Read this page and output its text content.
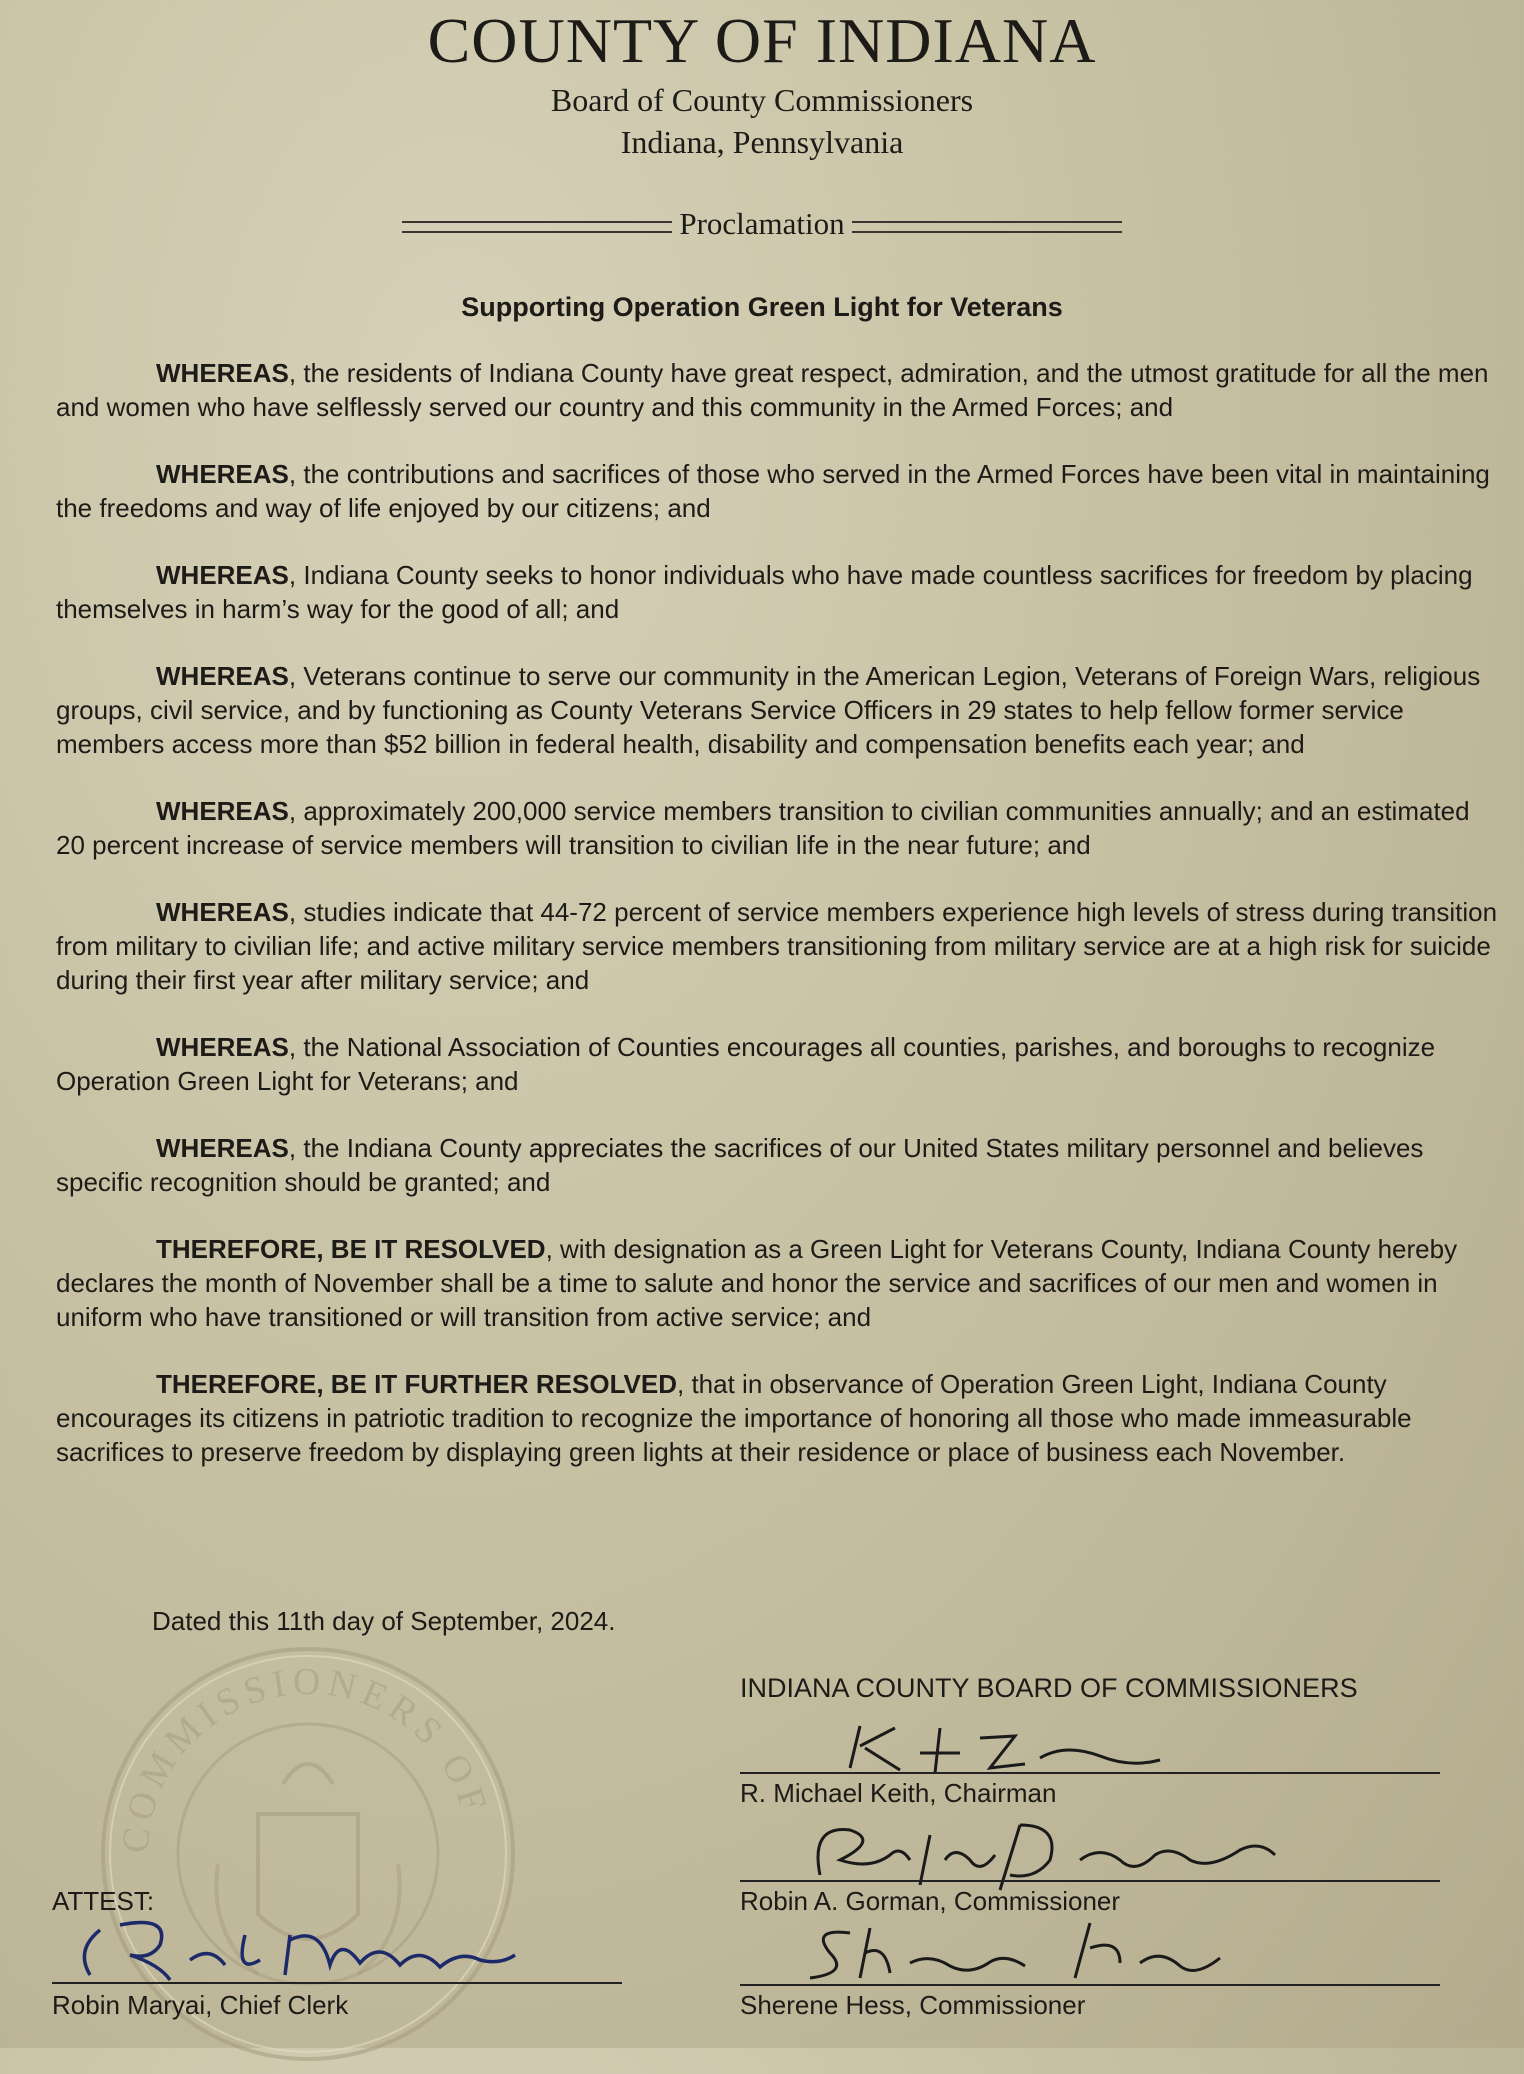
COMMISSIONERS OF
COUNTY OF INDIANA
Board of County Commissioners
Indiana, Pennsylvania
Proclamation
Supporting Operation Green Light for Veterans

WHEREAS, the residents of Indiana County have great respect, admiration, and the utmost gratitude for all the men and women who have selflessly served our country and this community in the Armed Forces; and

WHEREAS, the contributions and sacrifices of those who served in the Armed Forces have been vital in maintaining the freedoms and way of life enjoyed by our citizens; and

WHEREAS, Indiana County seeks to honor individuals who have made countless sacrifices for freedom by placing themselves in harm’s way for the good of all; and

WHEREAS, Veterans continue to serve our community in the American Legion, Veterans of Foreign Wars, religious groups, civil service, and by functioning as County Veterans Service Officers in 29 states to help fellow former service members access more than $52 billion in federal health, disability and compensation benefits each year; and

WHEREAS, approximately 200,000 service members transition to civilian communities annually; and an estimated 20 percent increase of service members will transition to civilian life in the near future; and

WHEREAS, studies indicate that 44-72 percent of service members experience high levels of stress during transition from military to civilian life; and active military service members transitioning from military service are at a high risk for suicide during their first year after military service; and

WHEREAS, the National Association of Counties encourages all counties, parishes, and boroughs to recognize Operation Green Light for Veterans; and

WHEREAS, the Indiana County appreciates the sacrifices of our United States military personnel and believes specific recognition should be granted; and

THEREFORE, BE IT RESOLVED, with designation as a Green Light for Veterans County, Indiana County hereby declares the month of November shall be a time to salute and honor the service and sacrifices of our men and women in uniform who have transitioned or will transition from active service; and

THEREFORE, BE IT FURTHER RESOLVED, that in observance of Operation Green Light, Indiana County encourages its citizens in patriotic tradition to recognize the importance of honoring all those who made immeasurable sacrifices to preserve freedom by displaying green lights at their residence or place of business each November.

Dated this 11th day of September, 2024.
INDIANA COUNTY BOARD OF COMMISSIONERS
R. Michael Keith, Chairman
Robin A. Gorman, Commissioner
Sherene Hess, Commissioner
ATTEST:
Robin Maryai, Chief Clerk
